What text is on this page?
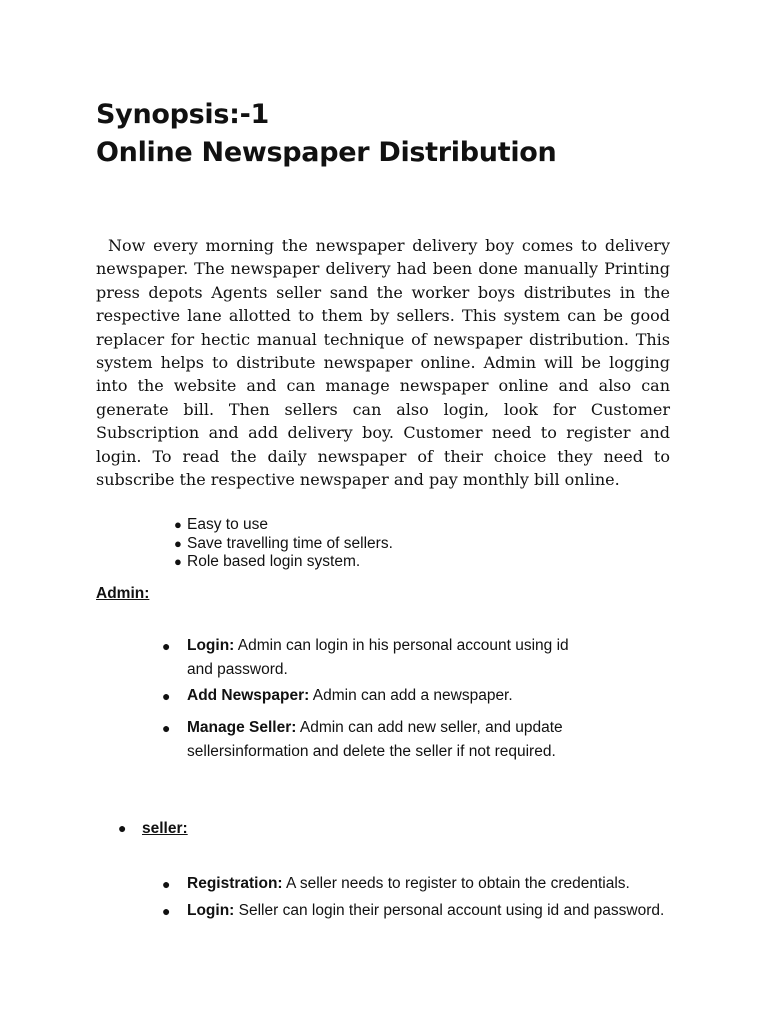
Synopsis:-1
Online Newspaper Distribution

Now every morning the newspaper delivery boy comes to delivery newspaper. The newspaper delivery had been done manually Printing press depots Agents seller sand the worker boys distributes in the respective lane allotted to them by sellers. This system can be good replacer for hectic manual technique of newspaper distribution. This system helps to distribute newspaper online. Admin will be logging into the website and can manage newspaper online and also can generate bill. Then sellers can also login, look for Customer Subscription and add delivery boy. Customer need to register and login. To read the daily newspaper of their choice they need to subscribe the respective newspaper and pay monthly bill online.

● Easy to use
● Save travelling time of sellers.
● Role based login system.
Admin:
●	Login: Admin can login in his personal account using id and password.
●	Add Newspaper: Admin can add a newspaper.
●	Manage Seller: Admin can add new seller, and update sellersinformation and delete the seller if not required.
●	seller:
●	Registration: A seller needs to register to obtain the credentials.
●	Login: Seller can login their personal account using id and password.
